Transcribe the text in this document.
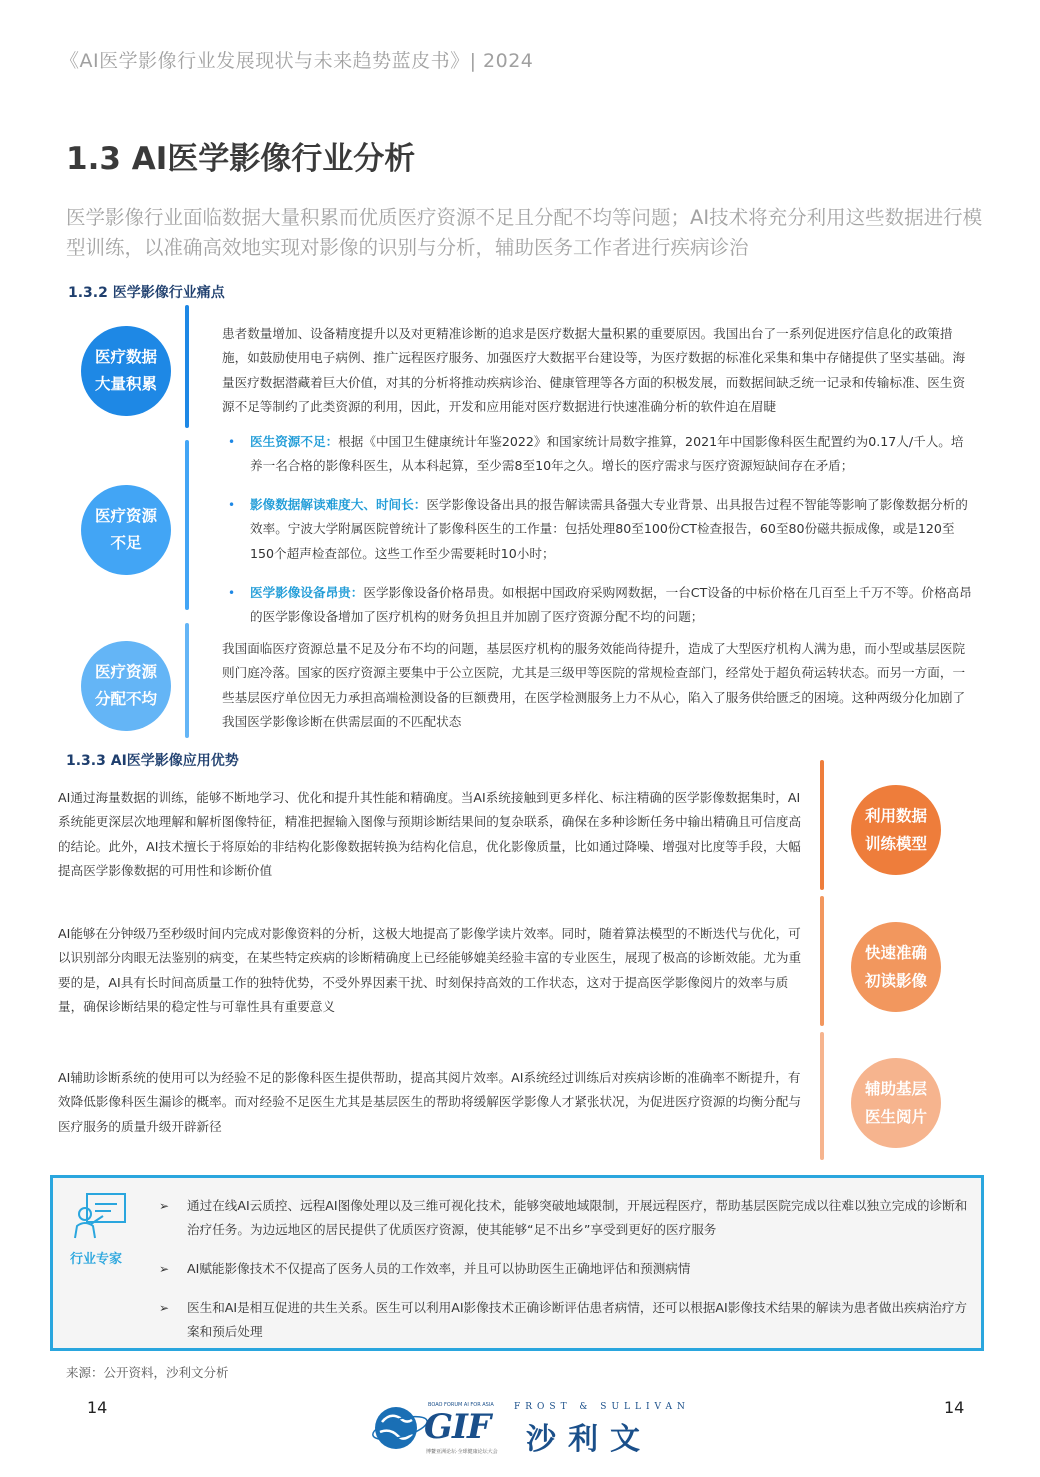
《AI医学影像行业发展现状与未来趋势蓝皮书》| 2024
1.3 AI医学影像行业分析
医学影像行业面临数据大量积累而优质医疗资源不足且分配不均等问题；AI技术将充分利用这些数据进行模型训练，以准确高效地实现对影像的识别与分析，辅助医务工作者进行疾病诊治
1.3.2 医学影像行业痛点
医疗数据
大量积累
患者数量增加、设备精度提升以及对更精准诊断的追求是医疗数据大量积累的重要原因。我国出台了一系列促进医疗信息化的政策措施，如鼓励使用电子病例、推广远程医疗服务、加强医疗大数据平台建设等，为医疗数据的标准化采集和集中存储提供了坚实基础。海量医疗数据潜藏着巨大价值，对其的分析将推动疾病诊治、健康管理等各方面的积极发展，而数据间缺乏统一记录和传输标准、医生资源不足等制约了此类资源的利用，因此，开发和应用能对医疗数据进行快速准确分析的软件迫在眉睫
医疗资源
不足
• 医生资源不足：根据《中国卫生健康统计年鉴2022》和国家统计局数字推算，2021年中国影像科医生配置约为0.17人/千人。培养一名合格的影像科医生，从本科起算，至少需8至10年之久。增长的医疗需求与医疗资源短缺间存在矛盾；
• 影像数据解读难度大、时间长：医学影像设备出具的报告解读需具备强大专业背景、出具报告过程不智能等影响了影像数据分析的效率。宁波大学附属医院曾统计了影像科医生的工作量：包括处理80至100份CT检查报告，60至80份磁共振成像，或是120至150个超声检查部位。这些工作至少需要耗时10小时；
• 医学影像设备昂贵：医学影像设备价格昂贵。如根据中国政府采购网数据，一台CT设备的中标价格在几百至上千万不等。价格高昂的医学影像设备增加了医疗机构的财务负担且并加剧了医疗资源分配不均的问题；
医疗资源
分配不均
我国面临医疗资源总量不足及分布不均的问题，基层医疗机构的服务效能尚待提升，造成了大型医疗机构人满为患，而小型或基层医院则门庭冷落。国家的医疗资源主要集中于公立医院，尤其是三级甲等医院的常规检查部门，经常处于超负荷运转状态。而另一方面，一些基层医疗单位因无力承担高端检测设备的巨额费用，在医学检测服务上力不从心，陷入了服务供给匮乏的困境。这种两级分化加剧了我国医学影像诊断在供需层面的不匹配状态
1.3.3 AI医学影像应用优势
AI通过海量数据的训练，能够不断地学习、优化和提升其性能和精确度。当AI系统接触到更多样化、标注精确的医学影像数据集时，AI系统能更深层次地理解和解析图像特征，精准把握输入图像与预期诊断结果间的复杂联系，确保在多种诊断任务中输出精确且可信度高的结论。此外，AI技术擅长于将原始的非结构化影像数据转换为结构化信息，优化影像质量，比如通过降噪、增强对比度等手段，大幅提高医学影像数据的可用性和诊断价值
利用数据
训练模型
AI能够在分钟级乃至秒级时间内完成对影像资料的分析，这极大地提高了影像学读片效率。同时，随着算法模型的不断迭代与优化，可以识别部分肉眼无法鉴别的病变，在某些特定疾病的诊断精确度上已经能够媲美经验丰富的专业医生，展现了极高的诊断效能。尤为重要的是，AI具有长时间高质量工作的独特优势，不受外界因素干扰、时刻保持高效的工作状态，这对于提高医学影像阅片的效率与质量，确保诊断结果的稳定性与可靠性具有重要意义
快速准确
初读影像
AI辅助诊断系统的使用可以为经验不足的影像科医生提供帮助，提高其阅片效率。AI系统经过训练后对疾病诊断的准确率不断提升，有效降低影像科医生漏诊的概率。而对经验不足医生尤其是基层医生的帮助将缓解医学影像人才紧张状况，为促进医疗资源的均衡分配与医疗服务的质量升级开辟新径
辅助基层
医生阅片
行业专家
➢ 通过在线AI云质控、远程AI图像处理以及三维可视化技术，能够突破地域限制，开展远程医疗，帮助基层医院完成以往难以独立完成的诊断和治疗任务。为边远地区的居民提供了优质医疗资源，使其能够“足不出乡”享受到更好的医疗服务
➢ AI赋能影像技术不仅提高了医务人员的工作效率，并且可以协助医生正确地评估和预测病情
➢ 医生和AI是相互促进的共生关系。医生可以利用AI影像技术正确诊断评估患者病情，还可以根据AI影像技术结果的解读为患者做出疾病治疗方案和预后处理
来源：公开资料，沙利文分析
14	14
BOAO FORUM AI FOR ASIA
GIF
博鳌亚洲论坛·全球健康论坛大会
FROST & SULLIVAN
沙利文
